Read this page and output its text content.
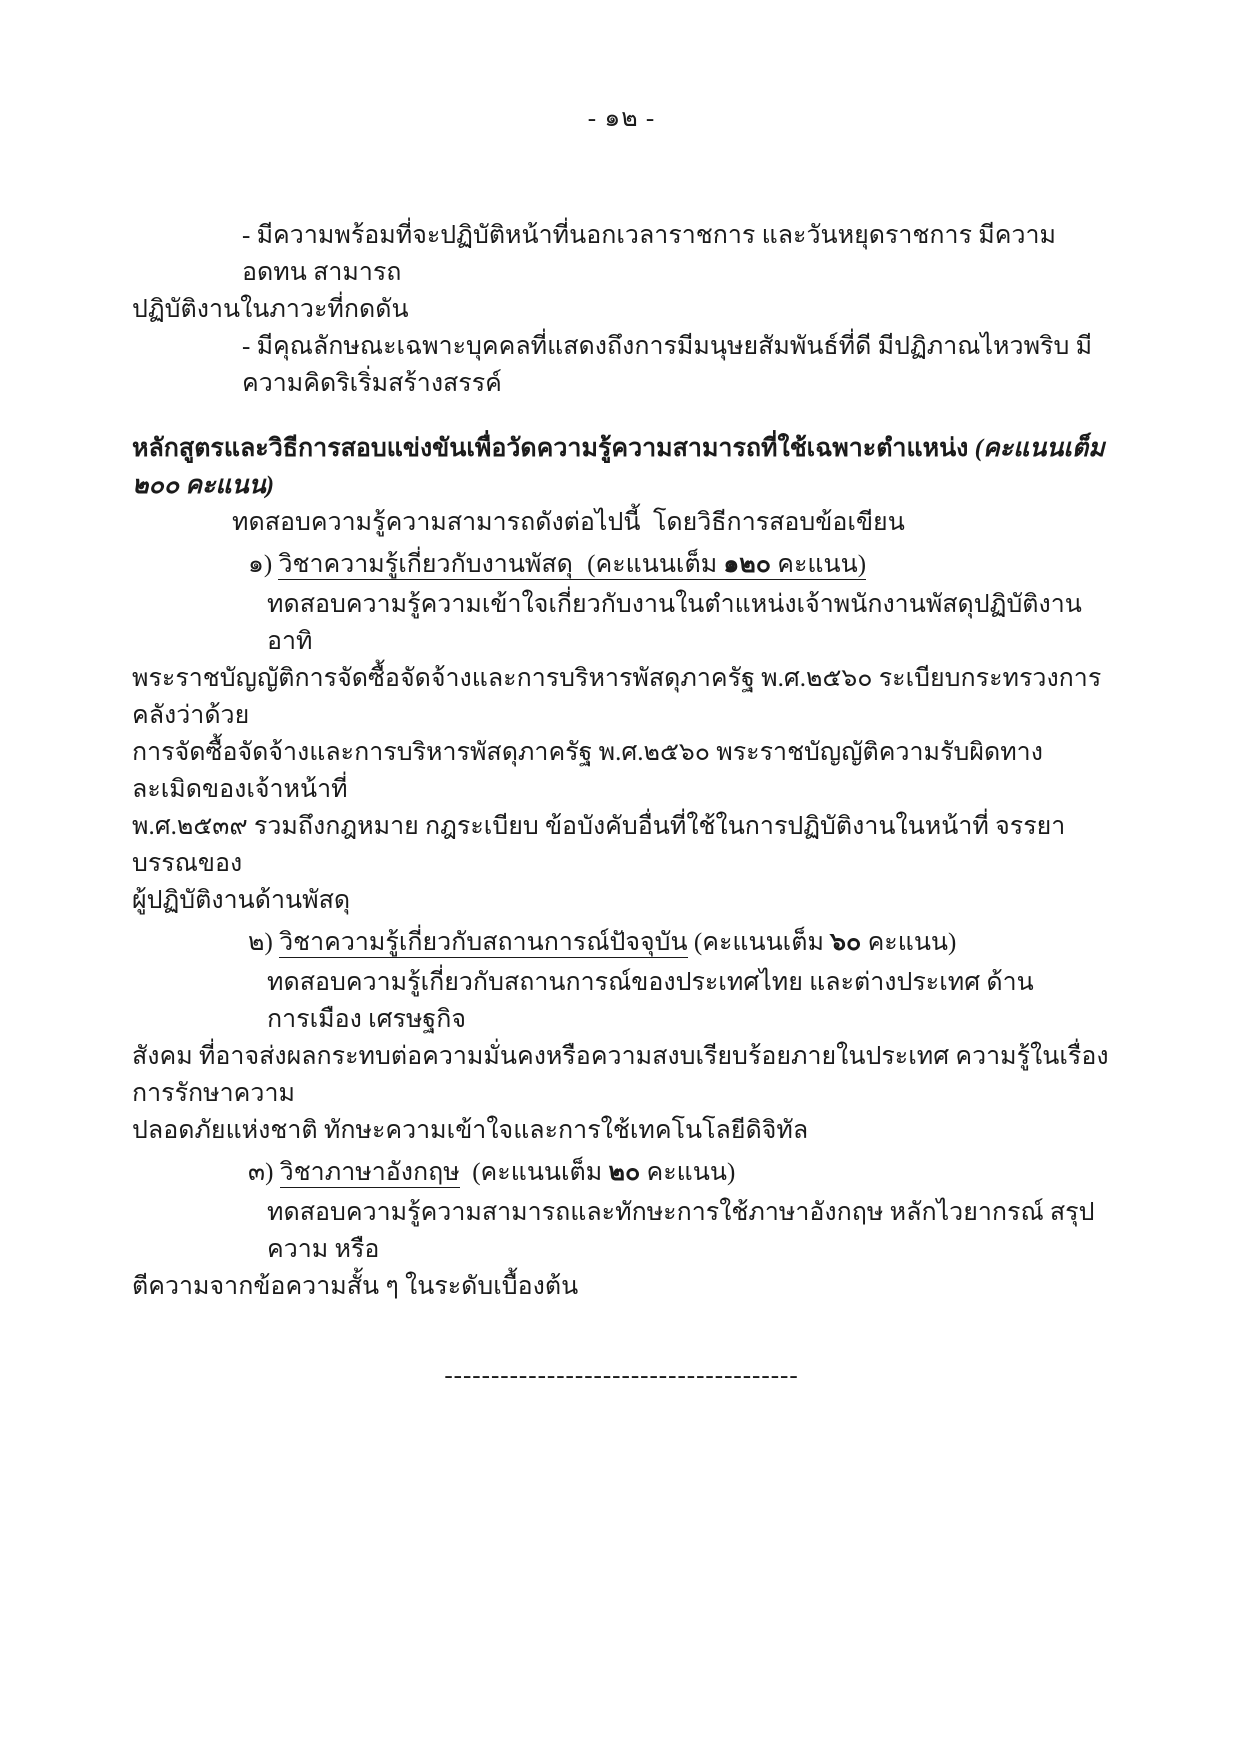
- ๑๒ -
- มีความพร้อมที่จะปฏิบัติหน้าที่นอกเวลาราชการ และวันหยุดราชการ มีความอดทน สามารถ
ปฏิบัติงานในภาวะที่กดดัน
- มีคุณลักษณะเฉพาะบุคคลที่แสดงถึงการมีมนุษยสัมพันธ์ที่ดี มีปฏิภาณไหวพริบ มีความคิดริเริ่มสร้างสรรค์
หลักสูตรและวิธีการสอบแข่งขันเพื่อวัดความรู้ความสามารถที่ใช้เฉพาะตำแหน่ง (คะแนนเต็ม ๒๐๐ คะแนน)
ทดสอบความรู้ความสามารถดังต่อไปนี้  โดยวิธีการสอบข้อเขียน
๑) วิชาความรู้เกี่ยวกับงานพัสดุ (คะแนนเต็ม ๑๒๐ คะแนน)
ทดสอบความรู้ความเข้าใจเกี่ยวกับงานในตำแหน่งเจ้าพนักงานพัสดุปฏิบัติงาน อาทิ
พระราชบัญญัติการจัดซื้อจัดจ้างและการบริหารพัสดุภาครัฐ พ.ศ.๒๕๖๐ ระเบียบกระทรวงการคลังว่าด้วย
การจัดซื้อจัดจ้างและการบริหารพัสดุภาครัฐ พ.ศ.๒๕๖๐ พระราชบัญญัติความรับผิดทางละเมิดของเจ้าหน้าที่
พ.ศ.๒๕๓๙ รวมถึงกฎหมาย กฎระเบียบ ข้อบังคับอื่นที่ใช้ในการปฏิบัติงานในหน้าที่ จรรยาบรรณของ
ผู้ปฏิบัติงานด้านพัสดุ
๒) วิชาความรู้เกี่ยวกับสถานการณ์ปัจจุบัน (คะแนนเต็ม ๖๐ คะแนน)
ทดสอบความรู้เกี่ยวกับสถานการณ์ของประเทศไทย และต่างประเทศ ด้านการเมือง เศรษฐกิจ
สังคม ที่อาจส่งผลกระทบต่อความมั่นคงหรือความสงบเรียบร้อยภายในประเทศ ความรู้ในเรื่องการรักษาความ
ปลอดภัยแห่งชาติ ทักษะความเข้าใจและการใช้เทคโนโลยีดิจิทัล
๓) วิชาภาษาอังกฤษ (คะแนนเต็ม ๒๐ คะแนน)
ทดสอบความรู้ความสามารถและทักษะการใช้ภาษาอังกฤษ หลักไวยากรณ์ สรุปความ หรือ
ตีความจากข้อความสั้น ๆ ในระดับเบื้องต้น
--------------------------------------
